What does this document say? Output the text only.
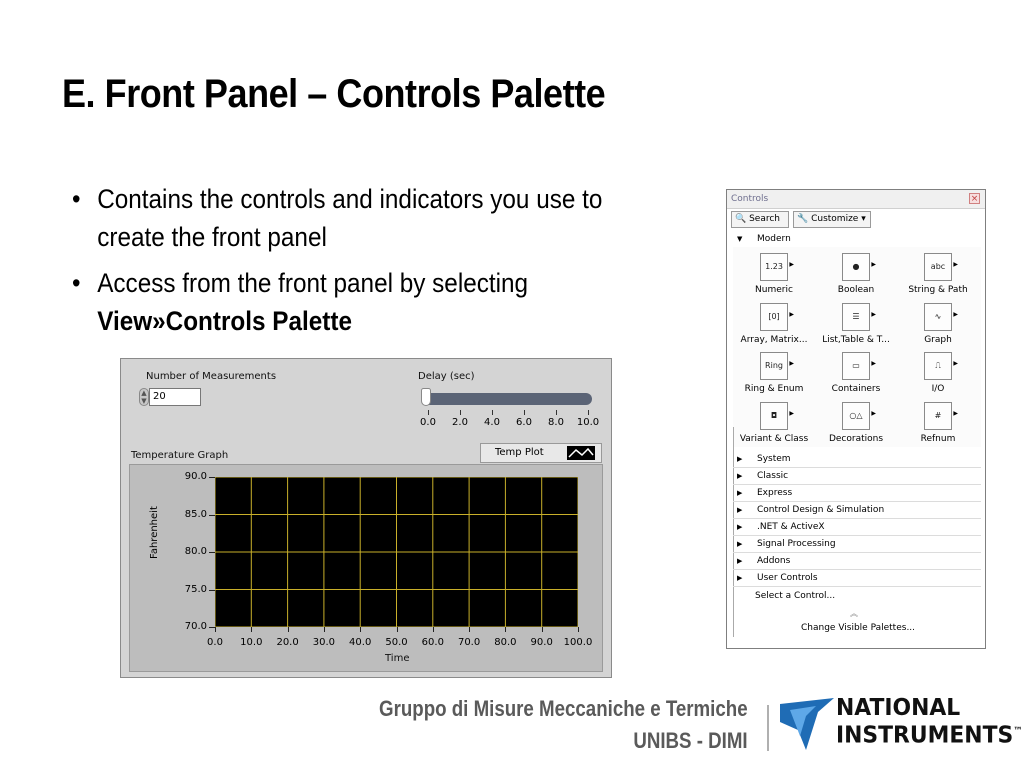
E. Front Panel – Controls Palette
• Contains the controls and indicators you use to create the front panel
• Access from the front panel by selecting
View»Controls Palette
Number of Measurements
▲
▼ 20
Delay (sec)
Temperature Graph	Temp Plot
Fahrenheit
Time
0.0 2.0 4.0 6.0 8.0 10.0
90.0
85.0
80.0
75.0
70.0
0.0 10.0 20.0 30.0 40.0 50.0 60.0 70.0 80.0 90.0 100.0
Controls	×
🔍 Search	🔧 Customize ▾
▼ Modern
1.23 ▶
Numeric
● ▶
Boolean
abc ▶
String & Path
[0] ▶
Array, Matrix...
☰ ▶
List,Table & T...
∿ ▶
Graph
Ring ▶
Ring & Enum
▭ ▶
Containers
⎍ ▶
I/O
◘ ▶
Variant & Class
○△ ▶
Decorations
# ▶
Refnum
Select a Control...
︽
Change Visible Palettes...
▶ System
▶ Classic
▶ Express
▶ Control Design & Simulation
▶ .NET & ActiveX
▶ Signal Processing
▶ Addons
▶ User Controls
Gruppo di Misure Meccaniche e Termiche
UNIBS - DIMI
NATIONAL
INSTRUMENTS™
